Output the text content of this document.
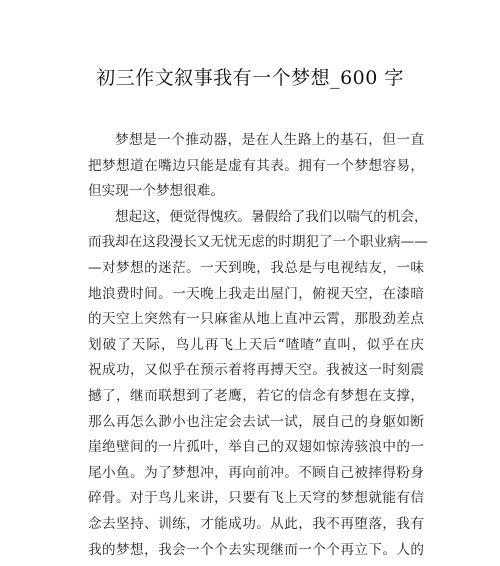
初三作文叙事我有一个梦想_600 字

梦想是一个推动器，是在人生路上的基石，但一直
把梦想道在嘴边只能是虚有其表。拥有一个梦想容易，
但实现一个梦想很难。

想起这，便觉得愧疚。暑假给了我们以喘气的机会，
而我却在这段漫长又无忧无虑的时期犯了一个职业病——
—对梦想的迷茫。一天到晚，我总是与电视结友，一味
地浪费时间。一天晚上我走出屋门，俯视天空，在漆暗
的天空上突然有一只麻雀从地上直冲云霄，那股劲差点
划破了天际，鸟儿再飞上天后“喳喳”直叫，似乎在庆
祝成功，又似乎在预示着将再搏天空。我被这一时刻震
撼了，继而联想到了老鹰，若它的信念有梦想在支撑，
那么再怎么渺小也注定会去试一试，展自己的身躯如断
崖绝壁间的一片孤叶，举自己的双翅如惊涛骇浪中的一
尾小鱼。为了梦想冲，再向前冲。不顾自己被摔得粉身
碎骨。对于鸟儿来讲，只要有飞上天穹的梦想就能有信
念去坚持、训练，才能成功。从此，我不再堕落，我有
我的梦想，我会一个个去实现继而一个个再立下。人的
